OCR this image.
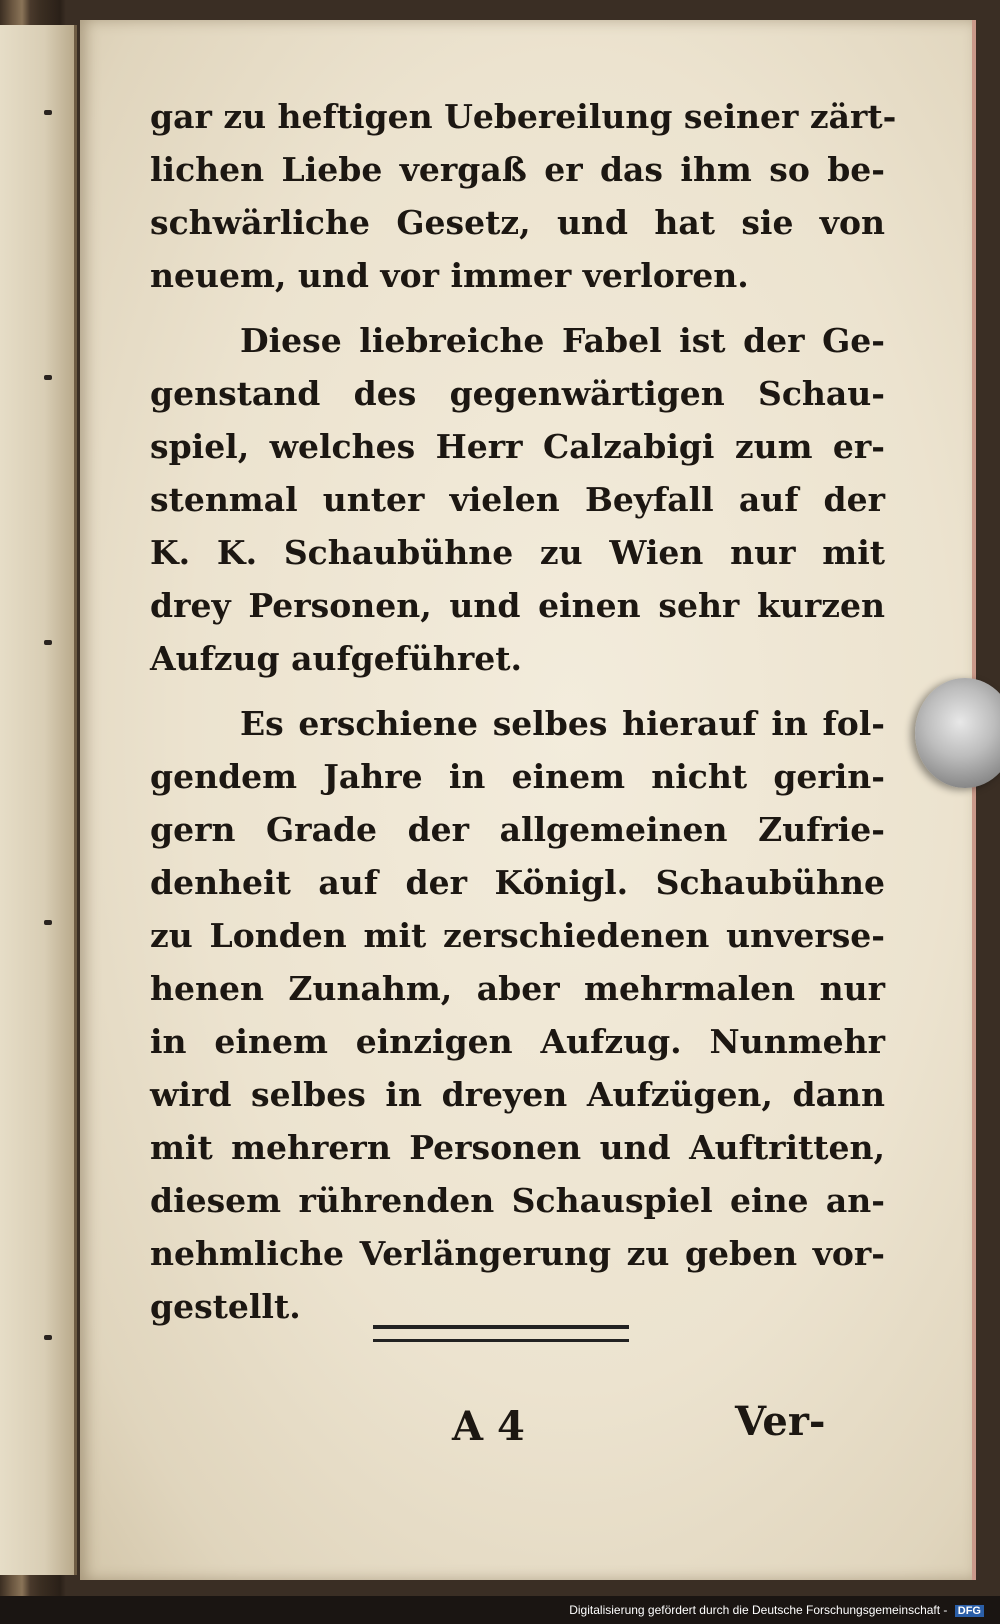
gar zu heftigen Uebereilung seiner zärt-
lichen Liebe vergaß er das ihm so be-
schwärliche Gesetz, und hat sie von
neuem, und vor immer verloren.

Diese liebreiche Fabel ist der Ge-
genstand des gegenwärtigen Schau-
spiel, welches Herr Calzabigi zum er-
stenmal unter vielen Beyfall auf der
K. K. Schaubühne zu Wien nur mit
drey Personen, und einen sehr kurzen
Aufzug aufgeführet.

Es erschiene selbes hierauf in fol-
gendem Jahre in einem nicht gerin-
gern Grade der allgemeinen Zufrie-
denheit auf der Königl. Schaubühne
zu Londen mit zerschiedenen unverse-
henen Zunahm, aber mehrmalen nur
in einem einzigen Aufzug. Nunmehr
wird selbes in dreyen Aufzügen, dann
mit mehrern Personen und Auftritten,
diesem rührenden Schauspiel eine an-
nehmliche Verlängerung zu geben vor-
gestellt.

A 4	Ver-
Digitalisierung gefördert durch die Deutsche Forschungsgemeinschaft - DFG
